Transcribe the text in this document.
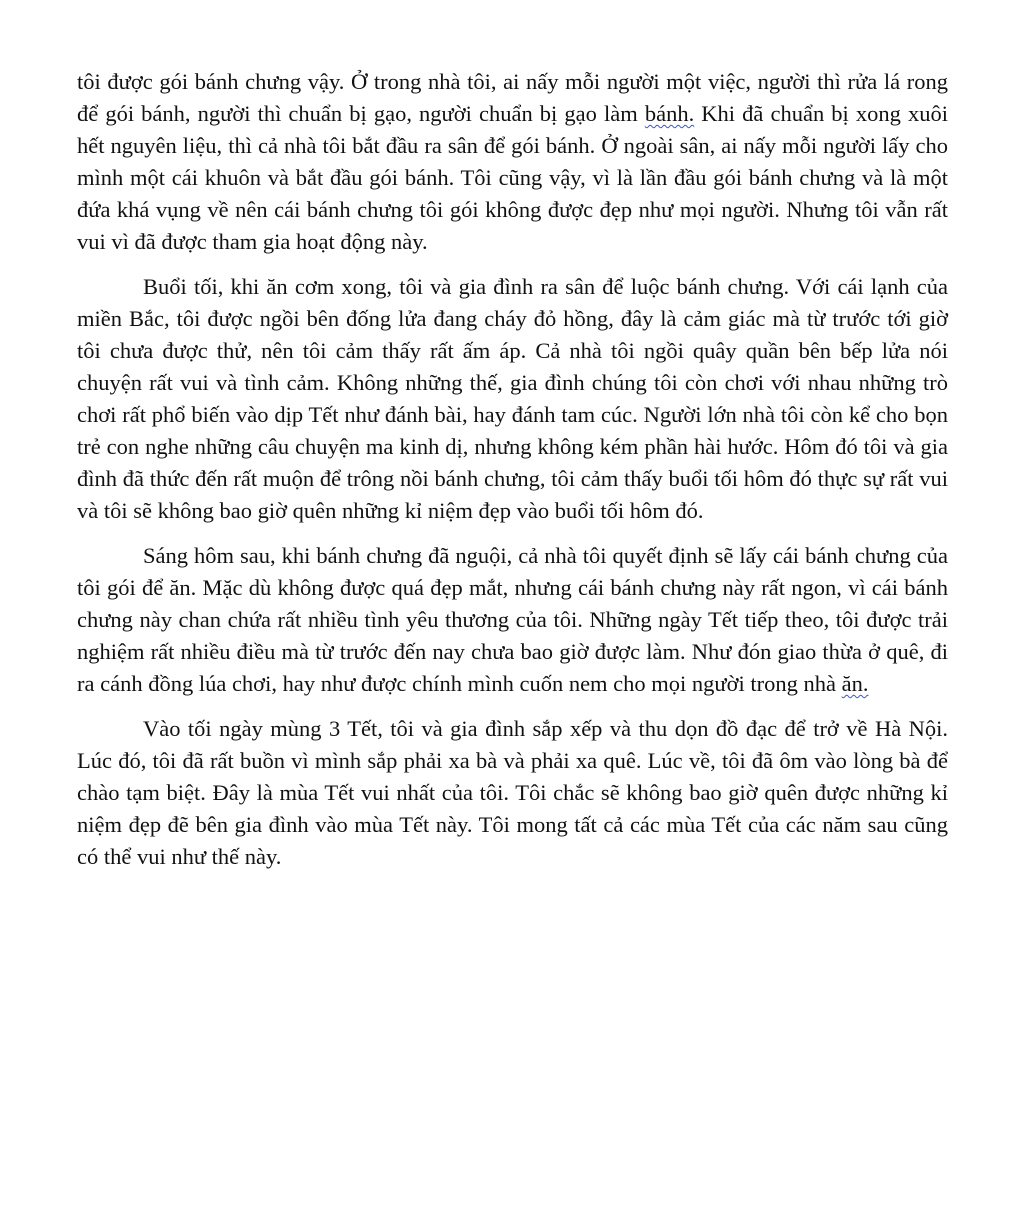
tôi được gói bánh chưng vậy. Ở trong nhà tôi, ai nấy mỗi người một việc, người thì rửa lá rong để gói bánh, người thì chuẩn bị gạo, người chuẩn bị gạo làm bánh. Khi đã chuẩn bị xong xuôi hết nguyên liệu, thì cả nhà tôi bắt đầu ra sân để gói bánh. Ở ngoài sân, ai nấy mỗi người lấy cho mình một cái khuôn và bắt đầu gói bánh. Tôi cũng vậy, vì là lần đầu gói bánh chưng và là một đứa khá vụng về nên cái bánh chưng tôi gói không được đẹp như mọi người. Nhưng tôi vẫn rất vui vì đã được tham gia hoạt động này.

Buổi tối, khi ăn cơm xong, tôi và gia đình ra sân để luộc bánh chưng. Với cái lạnh của miền Bắc, tôi được ngồi bên đống lửa đang cháy đỏ hồng, đây là cảm giác mà từ trước tới giờ tôi chưa được thử, nên tôi cảm thấy rất ấm áp. Cả nhà tôi ngồi quây quần bên bếp lửa nói chuyện rất vui và tình cảm. Không những thế, gia đình chúng tôi còn chơi với nhau những trò chơi rất phổ biến vào dịp Tết như đánh bài, hay đánh tam cúc. Người lớn nhà tôi còn kể cho bọn trẻ con nghe những câu chuyện ma kinh dị, nhưng không kém phần hài hước. Hôm đó tôi và gia đình đã thức đến rất muộn để trông nồi bánh chưng, tôi cảm thấy buổi tối hôm đó thực sự rất vui và tôi sẽ không bao giờ quên những kỉ niệm đẹp vào buổi tối hôm đó.

Sáng hôm sau, khi bánh chưng đã nguội, cả nhà tôi quyết định sẽ lấy cái bánh chưng của tôi gói để ăn. Mặc dù không được quá đẹp mắt, nhưng cái bánh chưng này rất ngon, vì cái bánh chưng này chan chứa rất nhiều tình yêu thương của tôi. Những ngày Tết tiếp theo, tôi được trải nghiệm rất nhiều điều mà từ trước đến nay chưa bao giờ được làm. Như đón giao thừa ở quê, đi ra cánh đồng lúa chơi, hay như được chính mình cuốn nem cho mọi người trong nhà ăn.

Vào tối ngày mùng 3 Tết, tôi và gia đình sắp xếp và thu dọn đồ đạc để trở về Hà Nội. Lúc đó, tôi đã rất buồn vì mình sắp phải xa bà và phải xa quê. Lúc về, tôi đã ôm vào lòng bà để chào tạm biệt. Đây là mùa Tết vui nhất của tôi. Tôi chắc sẽ không bao giờ quên được những kỉ niệm đẹp đẽ bên gia đình vào mùa Tết này. Tôi mong tất cả các mùa Tết của các năm sau cũng có thể vui như thế này.
